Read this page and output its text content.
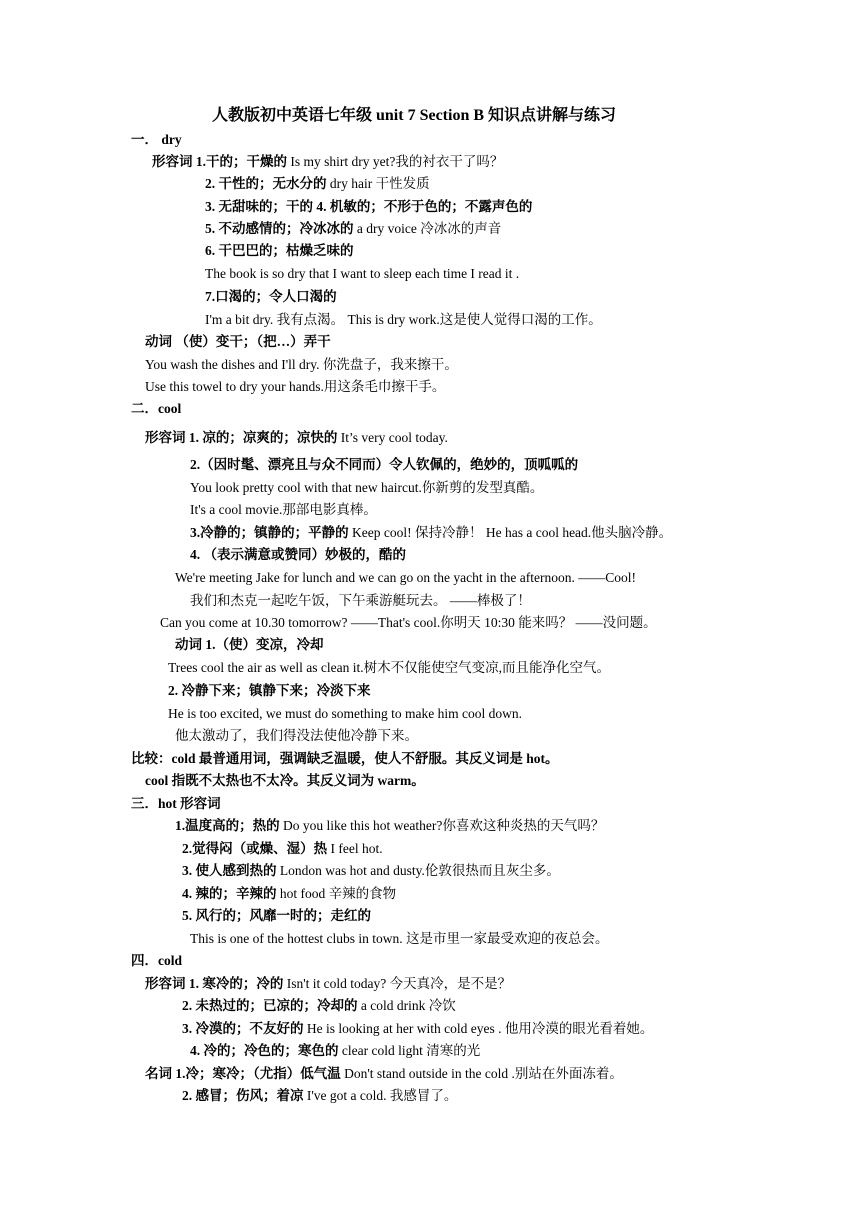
人教版初中英语七年级 unit 7 Section B 知识点讲解与练习
一． dry
形容词 1.干的；干燥的 Is my shirt dry yet?我的衬衣干了吗？
2. 干性的；无水分的 dry hair 干性发质
3. 无甜味的；干的 4. 机敏的；不形于色的；不露声色的
5. 不动感情的；冷冰冰的 a dry voice 冷冰冰的声音
6. 干巴巴的；枯燥乏味的
The book is so dry that I want to sleep each time I read it .
7.口渴的；令人口渴的
I'm a bit dry. 我有点渴。 This is dry work.这是使人觉得口渴的工作。
动词 （使）变干；（把…）弄干
You wash the dishes and I'll dry. 你洗盘子，我来擦干。
Use this towel to dry your hands.用这条毛巾擦干手。
二．cool
形容词 1. 凉的；凉爽的；凉快的 It’s very cool today.
2.（因时髦、漂亮且与众不同而）令人钦佩的，绝妙的，顶呱呱的
You look pretty cool with that new haircut.你新剪的发型真酷。
It's a cool movie.那部电影真棒。
3.冷静的；镇静的；平静的 Keep cool! 保持冷静！ He has a cool head.他头脑冷静。
4. （表示满意或赞同）妙极的，酷的
We're meeting Jake for lunch and we can go on the yacht in the afternoon. ——Cool!
我们和杰克一起吃午饭，下午乘游艇玩去。 ——棒极了！
Can you come at 10.30 tomorrow? ——That's cool.你明天 10:30 能来吗？ ——没问题。
动词 1.（使）变凉，冷却
Trees cool the air as well as clean it.树木不仅能使空气变凉,而且能净化空气。
2. 冷静下来；镇静下来；冷淡下来
He is too excited, we must do something to make him cool down.
他太激动了，我们得没法使他冷静下来。
比较：cold 最普通用词，强调缺乏温暖，使人不舒服。其反义词是 hot。
cool 指既不太热也不太冷。其反义词为 warm。
三．hot 形容词
1.温度高的；热的 Do you like this hot weather?你喜欢这种炎热的天气吗？
2.觉得闷（或燥、湿）热 I feel hot.
3. 使人感到热的 London was hot and dusty.伦敦很热而且灰尘多。
4. 辣的；辛辣的 hot food 辛辣的食物
5. 风行的；风靡一时的；走红的
This is one of the hottest clubs in town. 这是市里一家最受欢迎的夜总会。
四．cold
形容词 1. 寒冷的；冷的 Isn't it cold today? 今天真冷，是不是？
2. 未热过的；已凉的；冷却的 a cold drink 冷饮
3. 冷漠的；不友好的 He is looking at her with cold eyes . 他用冷漠的眼光看着她。
4. 冷的；冷色的；寒色的 clear cold light 清寒的光
名词 1.冷；寒冷；（尤指）低气温 Don't stand outside in the cold .别站在外面冻着。
2. 感冒；伤风；着凉 I've got a cold. 我感冒了。
